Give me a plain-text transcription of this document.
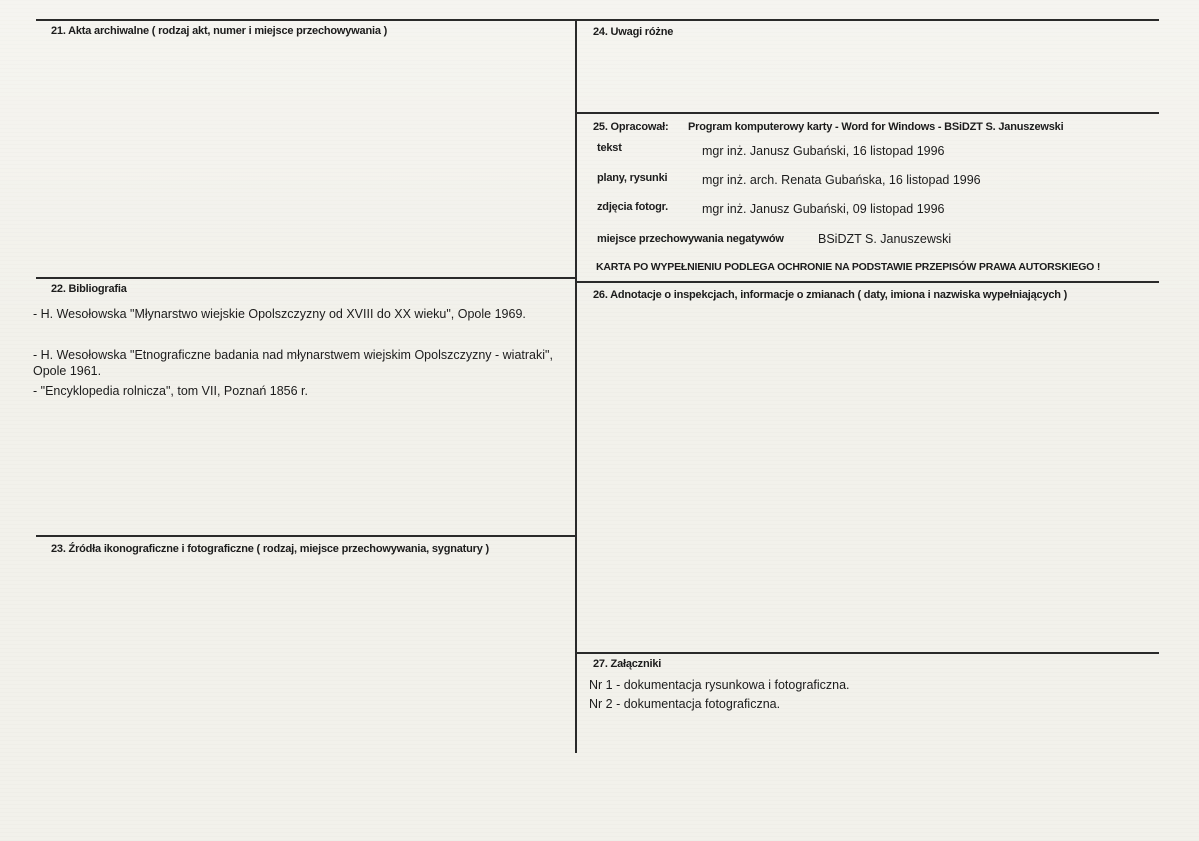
21. Akta archiwalne ( rodzaj akt, numer i miejsce przechowywania )
22. Bibliografia
- H. Wesołowska "Młynarstwo wiejskie Opolszczyzny od XVIII do XX wieku", Opole 1969.
- H. Wesołowska "Etnograficzne badania nad młynarstwem wiejskim Opolszczyzny - wiatraki", Opole 1961.
- "Encyklopedia rolnicza", tom VII, Poznań 1856 r.
23. Źródła ikonograficzne i fotograficzne ( rodzaj, miejsce przechowywania, sygnatury )
24. Uwagi różne
25. Opracował: Program komputerowy karty - Word for Windows - BSiDZT S. Januszewski
tekst	mgr inż. Janusz Gubański, 16 listopad 1996
plany, rysunki	mgr inż. arch. Renata Gubańska, 16 listopad 1996
zdjęcia fotogr.	mgr inż. Janusz Gubański, 09 listopad 1996
miejsce przechowywania negatywów	BSiDZT S. Januszewski
KARTA PO WYPEŁNIENIU PODLEGA OCHRONIE NA PODSTAWIE PRZEPISÓW PRAWA AUTORSKIEGO !
26. Adnotacje o inspekcjach, informacje o zmianach ( daty, imiona i nazwiska wypełniających )
27. Załączniki
Nr 1 - dokumentacja rysunkowa i fotograficzna.
Nr 2 - dokumentacja fotograficzna.
